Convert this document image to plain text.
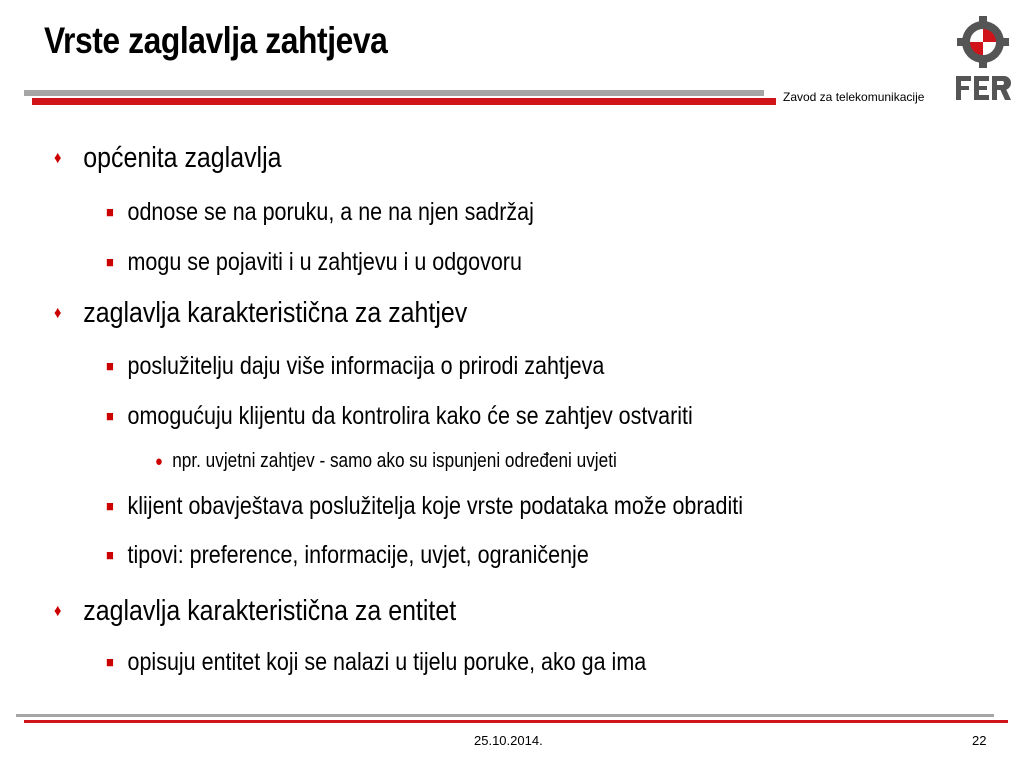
Vrste zaglavlja zahtjeva
Zavod za telekomunikacije
♦ općenita zaglavlja
■ odnose se na poruku, a ne na njen sadržaj
■ mogu se pojaviti i u zahtjevu i u odgovoru
♦ zaglavlja karakteristična za zahtjev
■ poslužitelju daju više informacija o prirodi zahtjeva
■ omogućuju klijentu da kontrolira kako će se zahtjev ostvariti
● npr. uvjetni zahtjev - samo ako su ispunjeni određeni uvjeti
■ klijent obavještava poslužitelja koje vrste podataka može obraditi
■ tipovi: preference, informacije, uvjet, ograničenje
♦ zaglavlja karakteristična za entitet
■ opisuju entitet koji se nalazi u tijelu poruke, ako ga ima
25.10.2014.	22
